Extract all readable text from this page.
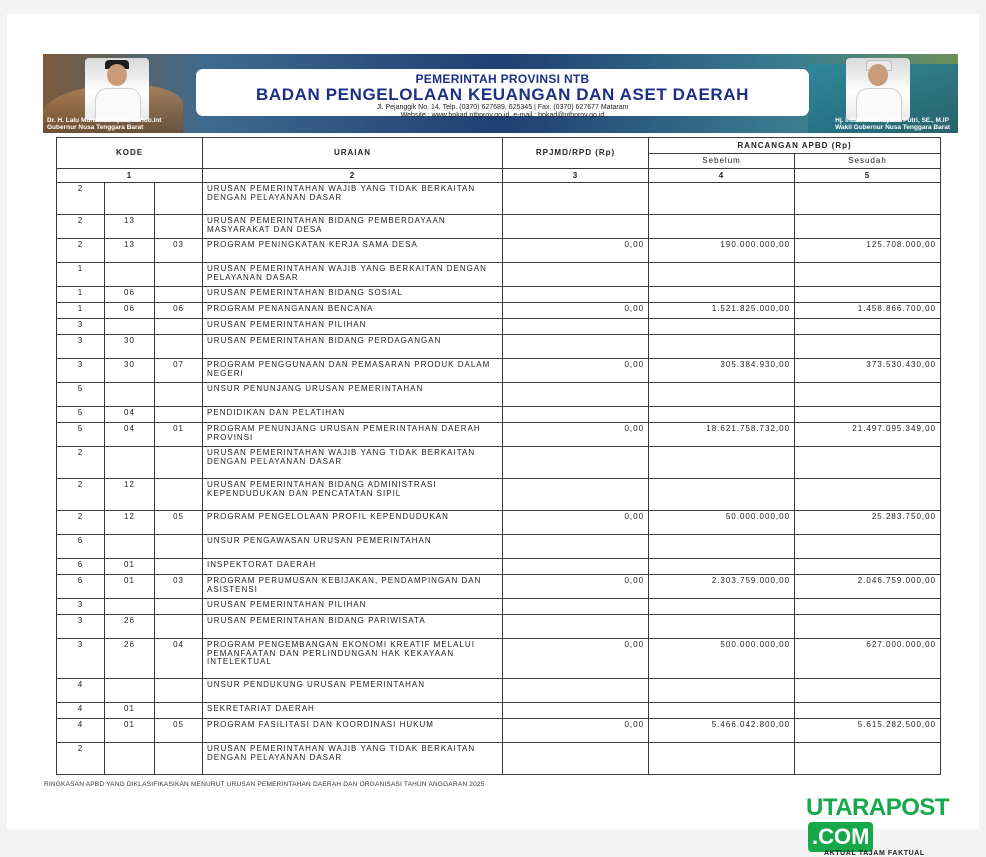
Dr. H. Lalu Muhamad Iqbal, M.Hub.Int
Gubernur Nusa Tenggara Barat
PEMERINTAH PROVINSI NTB
BADAN PENGELOLAAN KEUANGAN DAN ASET DAERAH
Jl. Pejanggik No. 14, Telp. (0370) 627689, 625345 | Fax. (0370) 627677 Mataram
Website : www.bpkad.ntbprov.go.id, e-mail : bpkad@ntbprov.go.id
Hj. Indah Dhamayanti Putri, SE., M.IP
Wakil Gubernur Nusa Tenggara Barat
KODE			URAIAN	RPJMD/RPD (Rp)	RANCANGAN APBD (Rp)	
					Sebelum	Sesudah
1			2	3	4	5
2			URUSAN PEMERINTAHAN WAJIB YANG TIDAK BERKAITAN DENGAN PELAYANAN DASAR			
2	13		URUSAN PEMERINTAHAN BIDANG PEMBERDAYAAN MASYARAKAT DAN DESA			
2	13	03	PROGRAM PENINGKATAN KERJA SAMA DESA	0,00	190.000.000,00	125.708.000,00
1			URUSAN PEMERINTAHAN WAJIB YANG BERKAITAN DENGAN PELAYANAN DASAR			
1	06		URUSAN PEMERINTAHAN BIDANG SOSIAL			
1	06	06	PROGRAM PENANGANAN BENCANA	0,00	1.521.825.000,00	1.458.866.700,00
3			URUSAN PEMERINTAHAN PILIHAN			
3	30		URUSAN PEMERINTAHAN BIDANG PERDAGANGAN			
3	30	07	PROGRAM PENGGUNAAN DAN PEMASARAN PRODUK DALAM NEGERI	0,00	305.384.930,00	373.530.430,00
5			UNSUR PENUNJANG URUSAN PEMERINTAHAN			
5	04		PENDIDIKAN DAN PELATIHAN			
5	04	01	PROGRAM PENUNJANG URUSAN PEMERINTAHAN DAERAH PROVINSI	0,00	18.621.758.732,00	21.497.095.349,00
2			URUSAN PEMERINTAHAN WAJIB YANG TIDAK BERKAITAN DENGAN PELAYANAN DASAR			
2	12		URUSAN PEMERINTAHAN BIDANG ADMINISTRASI KEPENDUDUKAN DAN PENCATATAN SIPIL			
2	12	05	PROGRAM PENGELOLAAN PROFIL KEPENDUDUKAN	0,00	50.000.000,00	25.283.750,00
6			UNSUR PENGAWASAN URUSAN PEMERINTAHAN			
6	01		INSPEKTORAT DAERAH			
6	01	03	PROGRAM PERUMUSAN KEBIJAKAN, PENDAMPINGAN DAN ASISTENSI	0,00	2.303.759.000,00	2.046.759.000,00
3			URUSAN PEMERINTAHAN PILIHAN			
3	26		URUSAN PEMERINTAHAN BIDANG PARIWISATA			
3	26	04	PROGRAM PENGEMBANGAN EKONOMI KREATIF MELALUI PEMANFAATAN DAN PERLINDUNGAN HAK KEKAYAAN INTELEKTUAL	0,00	500.000.000,00	627.000.000,00
4			UNSUR PENDUKUNG URUSAN PEMERINTAHAN			
4	01		SEKRETARIAT DAERAH			
4	01	05	PROGRAM FASILITASI DAN KOORDINASI HUKUM	0,00	5.466.042.800,00	5.615.282.500,00
2			URUSAN PEMERINTAHAN WAJIB YANG TIDAK BERKAITAN DENGAN PELAYANAN DASAR			
RINGKASAN APBD YANG DIKLASIFIKASIKAN MENURUT URUSAN PEMERINTAHAN DAERAH DAN ORGANISASI TAHUN ANGGARAN 2025
UTARAPOST.COM
AKTUAL TAJAM FAKTUAL
